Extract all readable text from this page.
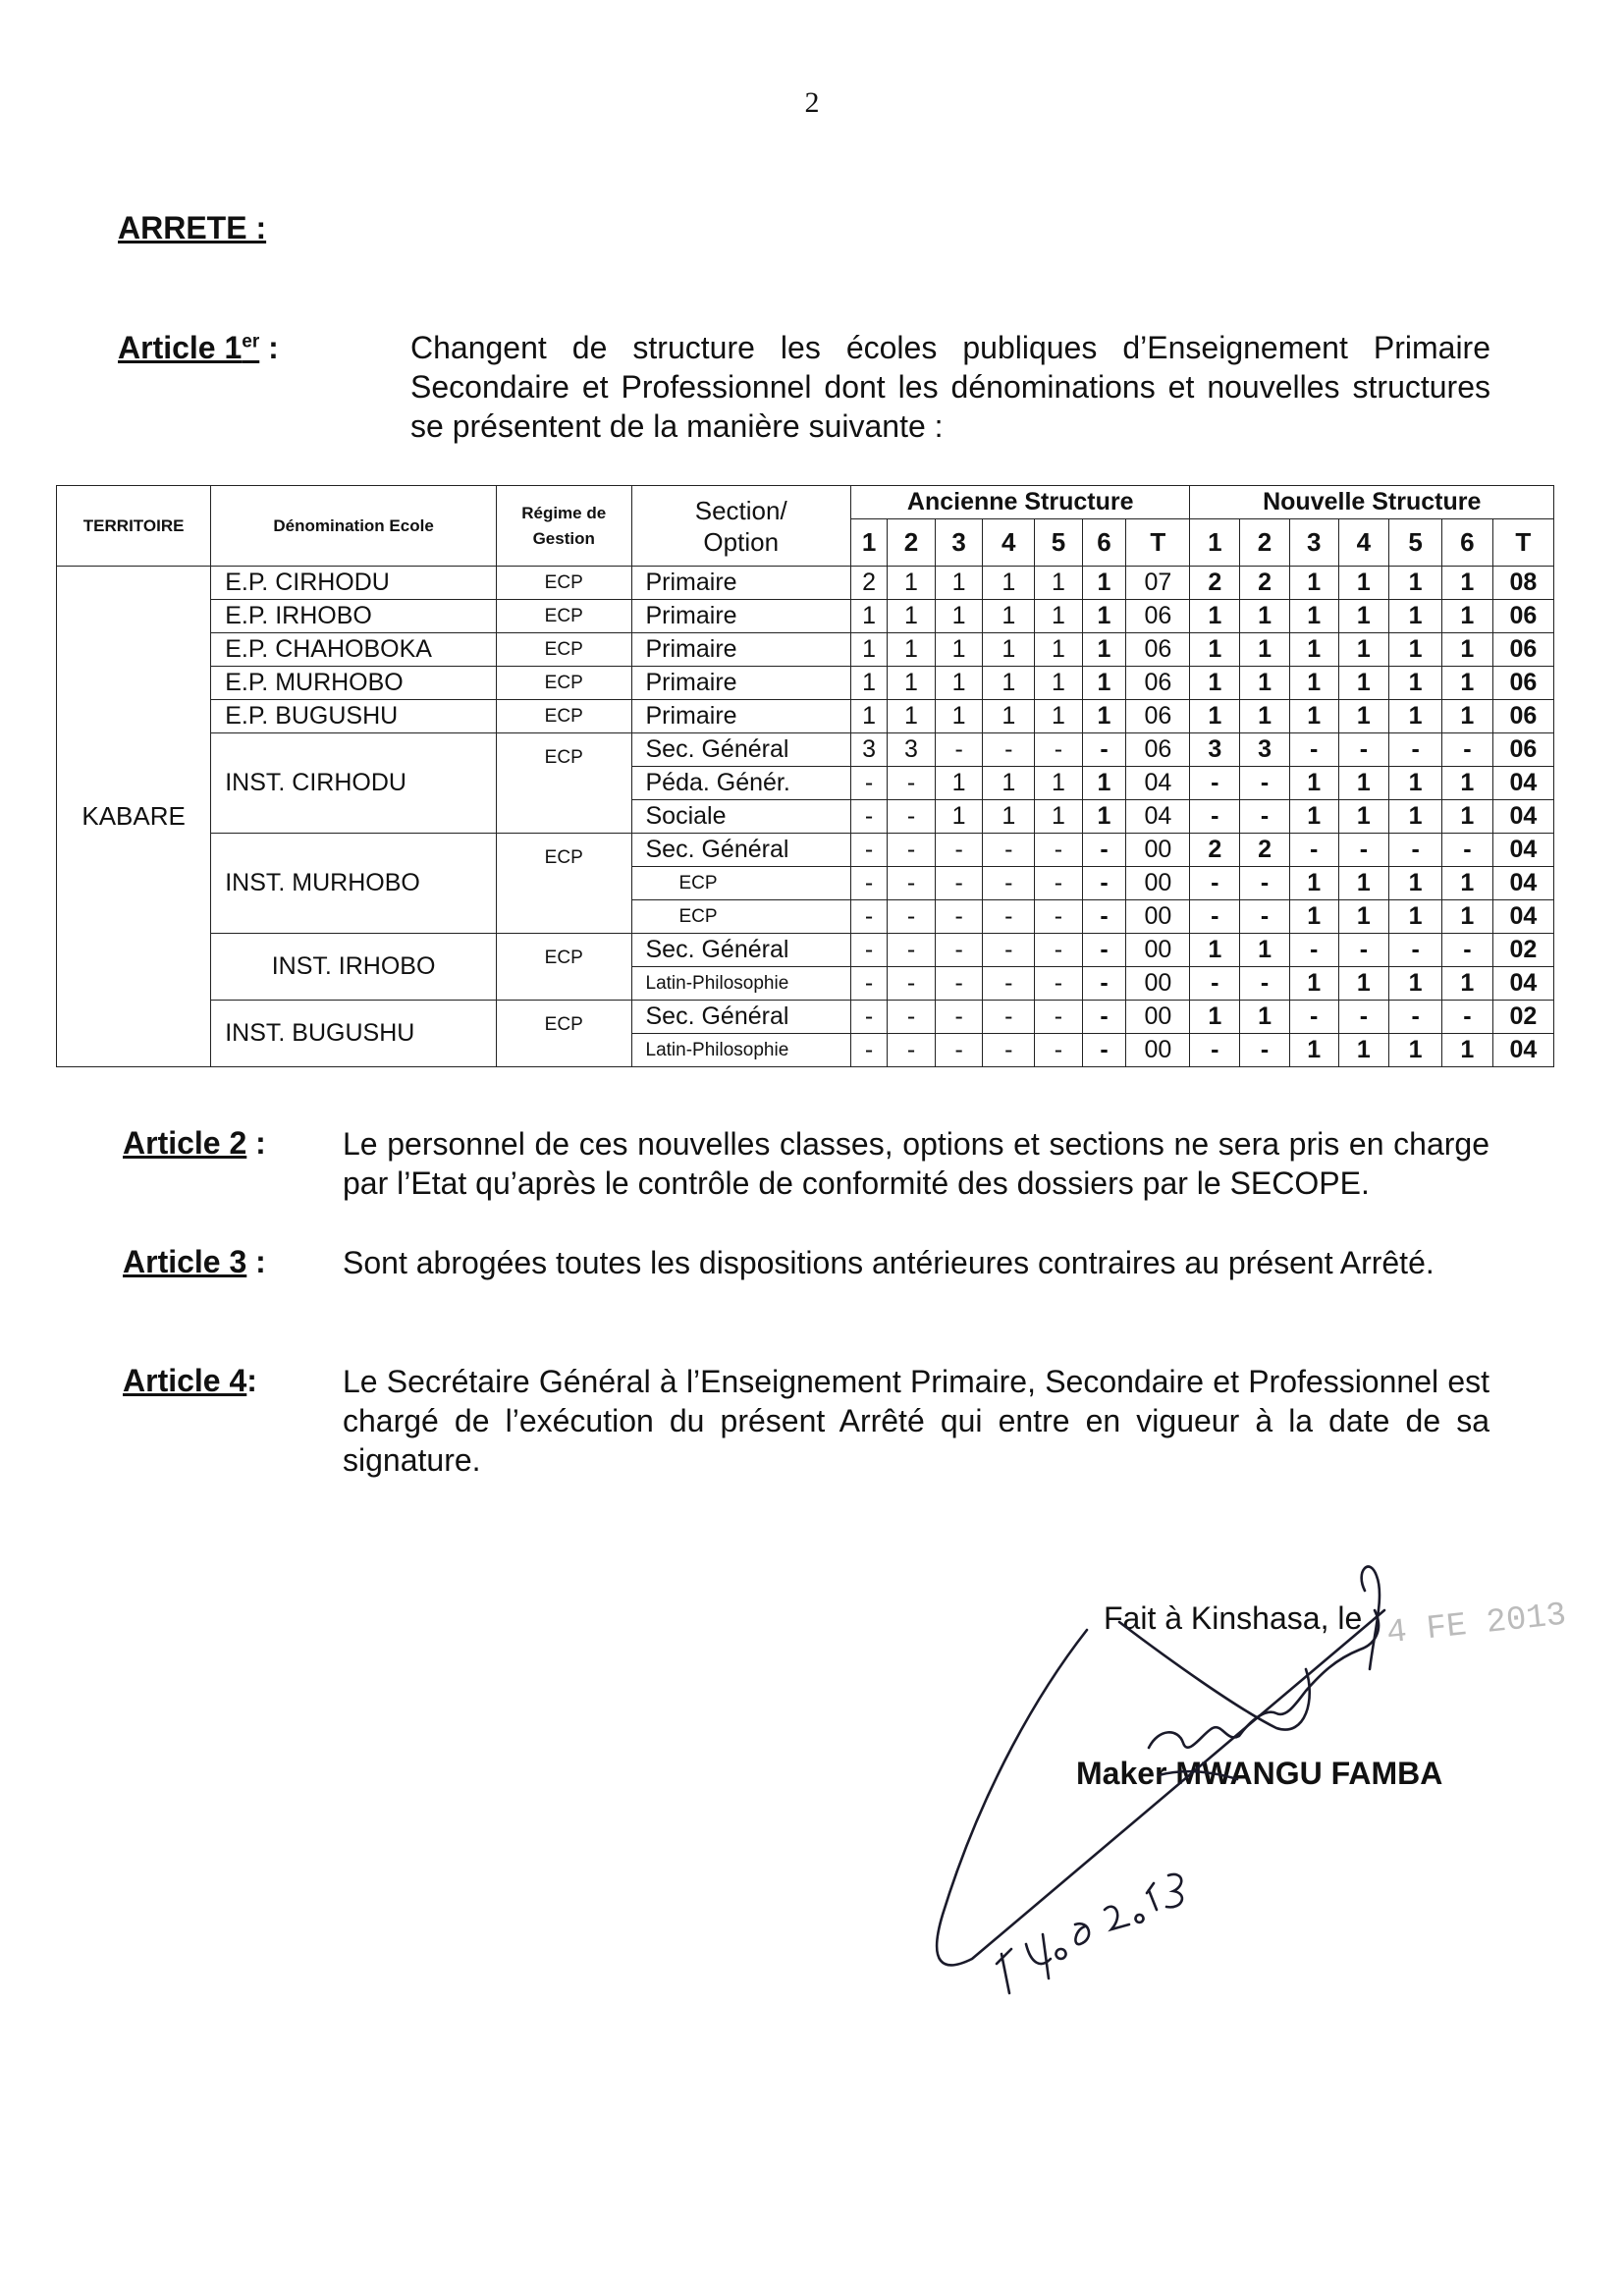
2
ARRETE :
Article 1er :	Changent de structure les écoles publiques d’Enseignement Primaire Secondaire et Professionnel dont les dénominations et nouvelles structures se présentent de la manière suivante :
TERRITOIRE	Dénomination Ecole	Régime de Gestion	Section/ Option	Ancienne Structure							Nouvelle Structure						
				1	2	3	4	5	6	T	1	2	3	4	5	6	T
KABARE	E.P. CIRHODU	ECP	Primaire	2	1	1	1	1	1	07	2	2	1	1	1	1	08
	E.P. IRHOBO	ECP	Primaire	1	1	1	1	1	1	06	1	1	1	1	1	1	06
	E.P. CHAHOBOKA	ECP	Primaire	1	1	1	1	1	1	06	1	1	1	1	1	1	06
	E.P. MURHOBO	ECP	Primaire	1	1	1	1	1	1	06	1	1	1	1	1	1	06
	E.P. BUGUSHU	ECP	Primaire	1	1	1	1	1	1	06	1	1	1	1	1	1	06
	INST. CIRHODU	ECP	Sec. Général	3	3	-	-	-	-	06	3	3	-	-	-	-	06
			Péda. Génér.	-	-	1	1	1	1	04	-	-	1	1	1	1	04
			Sociale	-	-	1	1	1	1	04	-	-	1	1	1	1	04
	INST. MURHOBO	ECP	Sec. Général	-	-	-	-	-	-	00	2	2	-	-	-	-	04
			ECP	-	-	-	-	-	-	00	-	-	1	1	1	1	04
			ECP	-	-	-	-	-	-	00	-	-	1	1	1	1	04
	INST. IRHOBO	ECP	Sec. Général	-	-	-	-	-	-	00	1	1	-	-	-	-	02
			Latin-Philosophie	-	-	-	-	-	-	00	-	-	1	1	1	1	04
	INST. BUGUSHU	ECP	Sec. Général	-	-	-	-	-	-	00	1	1	-	-	-	-	02
			Latin-Philosophie	-	-	-	-	-	-	00	-	-	1	1	1	1	04
Article 2 : Le personnel de ces nouvelles classes, options et sections ne sera pris en charge par l’Etat qu’après le contrôle de conformité des dossiers par le SECOPE.
Article 3 : Sont abrogées toutes les dispositions antérieures contraires au présent Arrêté.
Article 4:	Le Secrétaire Général à l’Enseignement Primaire, Secondaire et Professionnel est chargé de l’exécution du présent Arrêté qui entre en vigueur à la date de sa signature.
Fait à Kinshasa, le 4 FE 2013
Maker MWANGU FAMBA
